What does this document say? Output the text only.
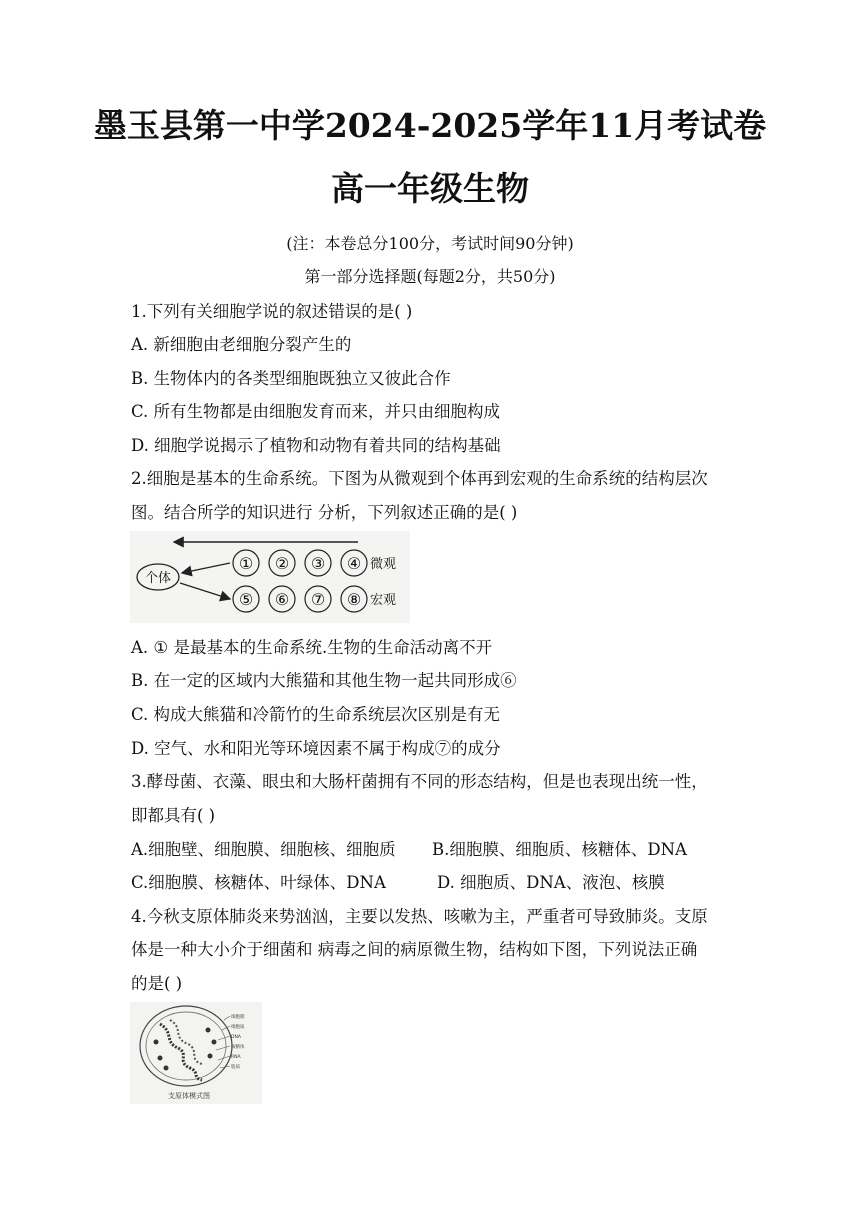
墨玉县第一中学2024-2025学年11月考试卷
高一年级生物
(注：本卷总分100分，考试时间90分钟)
第一部分选择题(每题2分，共50分)
1.下列有关细胞学说的叙述错误的是( )
A. 新细胞由老细胞分裂产生的
B. 生物体内的各类型细胞既独立又彼此合作
C. 所有生物都是由细胞发育而来，并只由细胞构成
D. 细胞学说揭示了植物和动物有着共同的结构基础
2.细胞是基本的生命系统。下图为从微观到个体再到宏观的生命系统的结构层次
图。结合所学的知识进行 分析，下列叙述正确的是( )
个体
① ② ③ ④
⑤ ⑥ ⑦ ⑧
微观
宏观
A. ① 是最基本的生命系统.生物的生命活动离不开
B. 在一定的区域内大熊猫和其他生物一起共同形成⑥
C. 构成大熊猫和冷箭竹的生命系统层次区别是有无
D. 空气、水和阳光等环境因素不属于构成⑦的成分
3.酵母菌、衣藻、眼虫和大肠杆菌拥有不同的形态结构，但是也表现出统一性，
即都具有( )
A.细胞壁、细胞膜、细胞核、细胞质 B.细胞膜、细胞质、核糖体、DNA
C.细胞膜、核糖体、叶绿体、DNA	D. 细胞质、DNA、液泡、核膜
4.今秋支原体肺炎来势汹汹，主要以发热、咳嗽为主，严重者可导致肺炎。支原
体是一种大小介于细菌和 病毒之间的病原微生物，结构如下图，下列说法正确
的是( )
细胞膜
细胞质
DNA
核糖体
RNA
脂质
支原体模式图
